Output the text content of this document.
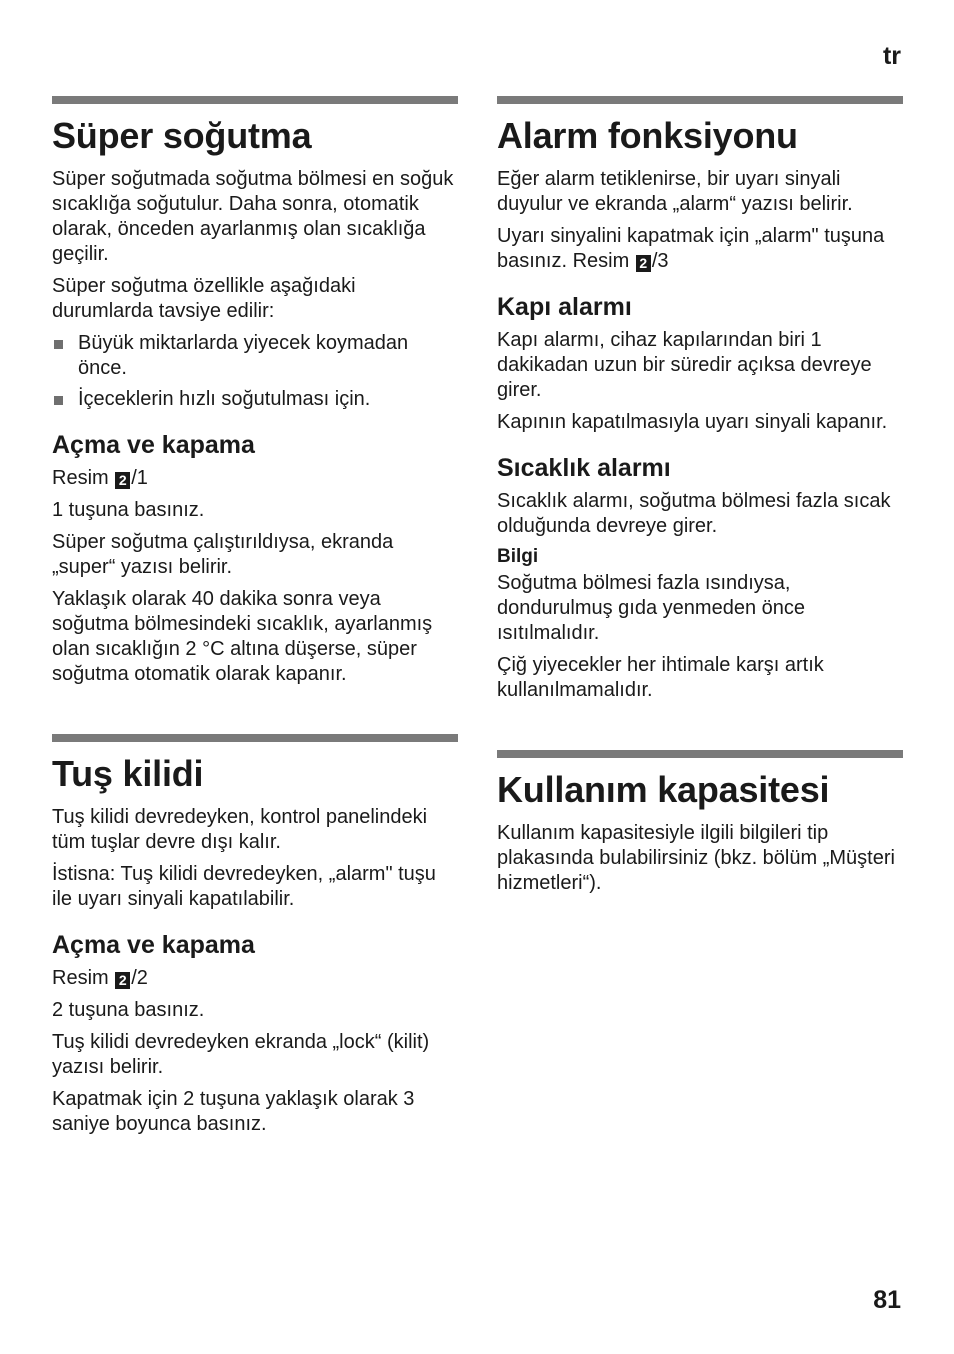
tr
Süper soğutma

Süper soğutmada soğutma bölmesi en soğuk sıcaklığa soğutulur. Daha sonra, otomatik olarak, önceden ayarlanmış olan sıcaklığa geçilir.

Süper soğutma özellikle aşağıdaki durumlarda tavsiye edilir:

Büyük miktarlarda yiyecek koymadan önce.
İçeceklerin hızlı soğutulması için.
Açma ve kapama

Resim 2 /1

1 tuşuna basınız.

Süper soğutma çalıştırıldıysa, ekranda „super“ yazısı belirir.

Yaklaşık olarak 40 dakika sonra veya soğutma bölmesindeki sıcaklık, ayarlanmış olan sıcaklığın 2 °C altına düşerse, süper soğutma otomatik olarak kapanır.

Tuş kilidi

Tuş kilidi devredeyken, kontrol panelindeki tüm tuşlar devre dışı kalır.

İstisna: Tuş kilidi devredeyken, „alarm" tuşu ile uyarı sinyali kapatılabilir.

Açma ve kapama

Resim 2 /2

2 tuşuna basınız.

Tuş kilidi devredeyken ekranda „lock“ (kilit) yazısı belirir.

Kapatmak için 2 tuşuna yaklaşık olarak 3 saniye boyunca basınız.

Alarm fonksiyonu

Eğer alarm tetiklenirse, bir uyarı sinyali duyulur ve ekranda „alarm“ yazısı belirir.

Uyarı sinyalini kapatmak için „alarm" tuşuna basınız. Resim 2 /3

Kapı alarmı

Kapı alarmı, cihaz kapılarından biri 1 dakikadan uzun bir süredir açıksa devreye girer.

Kapının kapatılmasıyla uyarı sinyali kapanır.

Sıcaklık alarmı

Sıcaklık alarmı, soğutma bölmesi fazla sıcak olduğunda devreye girer.

Bilgi

Soğutma bölmesi fazla ısındıysa, dondurulmuş gıda yenmeden önce ısıtılmalıdır.

Çiğ yiyecekler her ihtimale karşı artık kullanılmamalıdır.

Kullanım kapasitesi

Kullanım kapasitesiyle ilgili bilgileri tip plakasında bulabilirsiniz (bkz. bölüm „Müşteri hizmetleri“).

81
